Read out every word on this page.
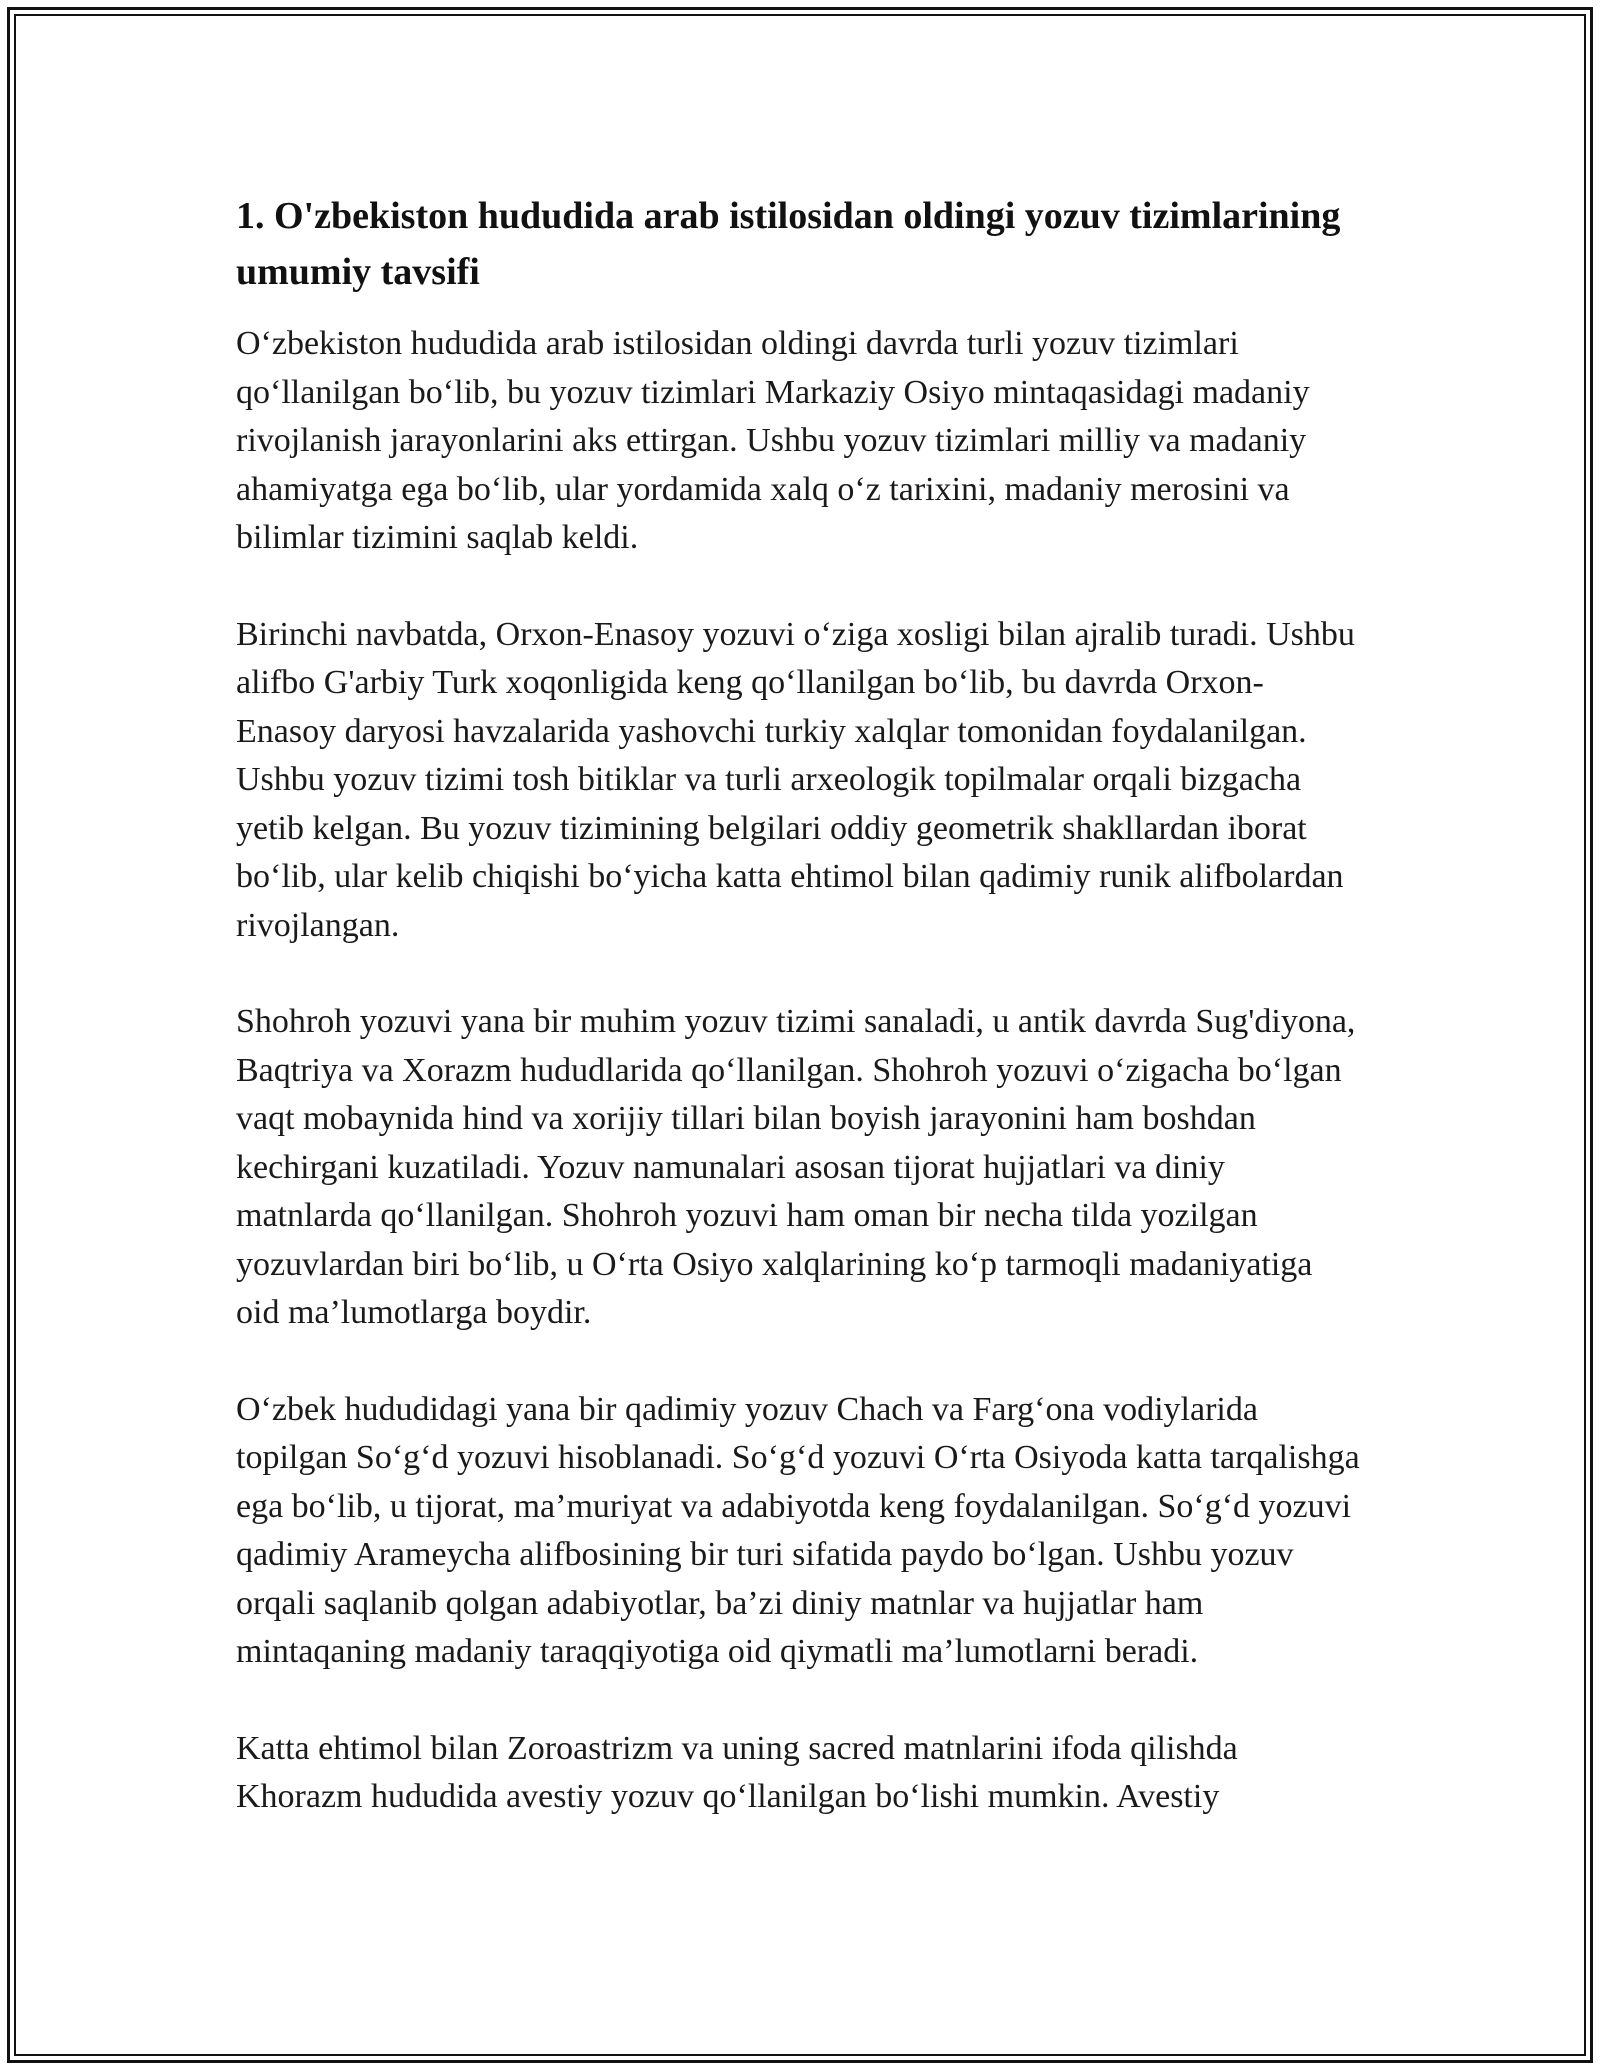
1. O'zbekiston hududida arab istilosidan oldingi yozuv tizimlarining umumiy tavsifi

O‘zbekiston hududida arab istilosidan oldingi davrda turli yozuv tizimlari qo‘llanilgan bo‘lib, bu yozuv tizimlari Markaziy Osiyo mintaqasidagi madaniy rivojlanish jarayonlarini aks ettirgan. Ushbu yozuv tizimlari milliy va madaniy ahamiyatga ega bo‘lib, ular yordamida xalq o‘z tarixini, madaniy merosini va bilimlar tizimini saqlab keldi.

Birinchi navbatda, Orxon-Enasoy yozuvi o‘ziga xosligi bilan ajralib turadi. Ushbu alifbo G'arbiy Turk xoqonligida keng qo‘llanilgan bo‘lib, bu davrda Orxon-Enasoy daryosi havzalarida yashovchi turkiy xalqlar tomonidan foydalanilgan. Ushbu yozuv tizimi tosh bitiklar va turli arxeologik topilmalar orqali bizgacha yetib kelgan. Bu yozuv tizimining belgilari oddiy geometrik shakllardan iborat bo‘lib, ular kelib chiqishi bo‘yicha katta ehtimol bilan qadimiy runik alifbolardan rivojlangan.

Shohroh yozuvi yana bir muhim yozuv tizimi sanaladi, u antik davrda Sug'diyona, Baqtriya va Xorazm hududlarida qo‘llanilgan. Shohroh yozuvi o‘zigacha bo‘lgan vaqt mobaynida hind va xorijiy tillari bilan boyish jarayonini ham boshdan kechirgani kuzatiladi. Yozuv namunalari asosan tijorat hujjatlari va diniy matnlarda qo‘llanilgan. Shohroh yozuvi ham oman bir necha tilda yozilgan yozuvlardan biri bo‘lib, u O‘rta Osiyo xalqlarining ko‘p tarmoqli madaniyatiga oid ma’lumotlarga boydir.

O‘zbek hududidagi yana bir qadimiy yozuv Chach va Farg‘ona vodiylarida topilgan So‘g‘d yozuvi hisoblanadi. So‘g‘d yozuvi O‘rta Osiyoda katta tarqalishga ega bo‘lib, u tijorat, ma’muriyat va adabiyotda keng foydalanilgan. So‘g‘d yozuvi qadimiy Arameycha alifbosining bir turi sifatida paydo bo‘lgan. Ushbu yozuv orqali saqlanib qolgan adabiyotlar, ba’zi diniy matnlar va hujjatlar ham mintaqaning madaniy taraqqiyotiga oid qiymatli ma’lumotlarni beradi.

Katta ehtimol bilan Zoroastrizm va uning sacred matnlarini ifoda qilishda Khorazm hududida avestiy yozuv qo‘llanilgan bo‘lishi mumkin. Avestiy
